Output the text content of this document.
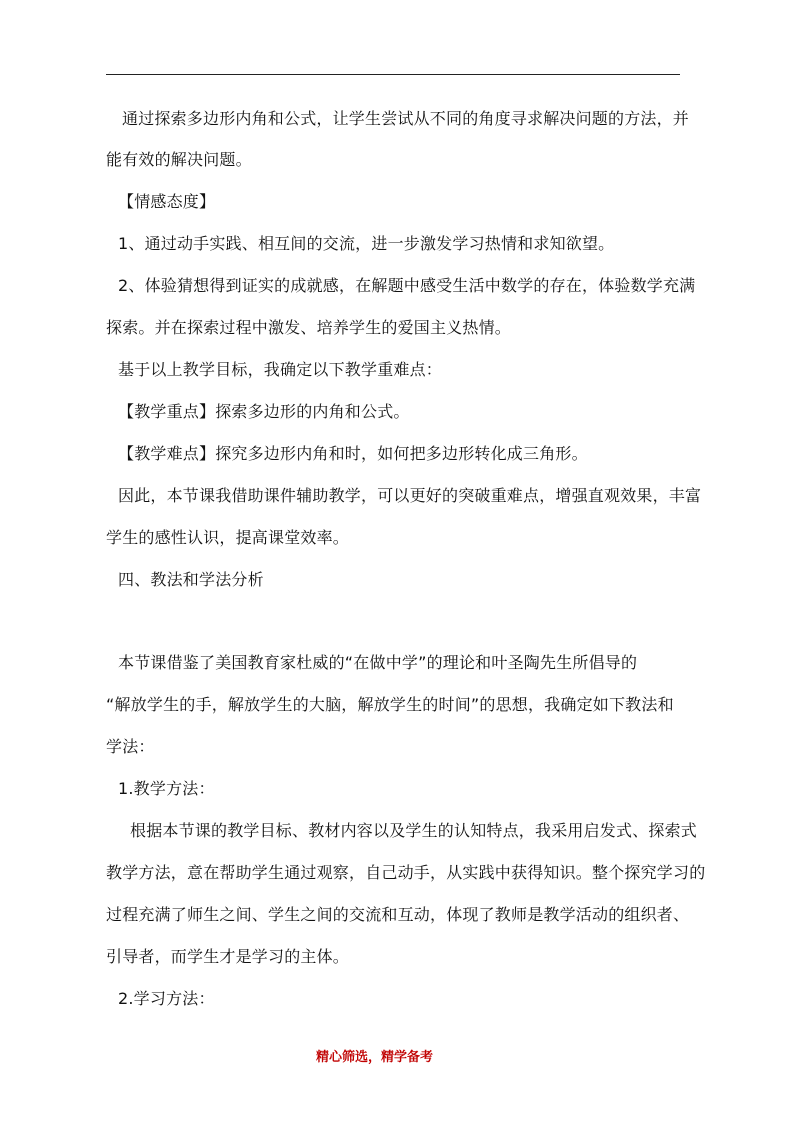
通过探索多边形内角和公式，让学生尝试从不同的角度寻求解决问题的方法，并
能有效的解决问题。
【情感态度】
1、通过动手实践、相互间的交流，进一步激发学习热情和求知欲望。
2、体验猜想得到证实的成就感，在解题中感受生活中数学的存在，体验数学充满
探索。并在探索过程中激发、培养学生的爱国主义热情。
基于以上教学目标，我确定以下教学重难点：
【教学重点】探索多边形的内角和公式。
【教学难点】探究多边形内角和时，如何把多边形转化成三角形。
因此，本节课我借助课件辅助教学，可以更好的突破重难点，增强直观效果，丰富
学生的感性认识，提高课堂效率。
四、教法和学法分析
本节课借鉴了美国教育家杜威的“在做中学”的理论和叶圣陶先生所倡导的
“解放学生的手，解放学生的大脑，解放学生的时间”的思想，我确定如下教法和
学法：
1.教学方法：
根据本节课的教学目标、教材内容以及学生的认知特点，我采用启发式、探索式
教学方法，意在帮助学生通过观察，自己动手，从实践中获得知识。整个探究学习的
过程充满了师生之间、学生之间的交流和互动，体现了教师是教学活动的组织者、
引导者，而学生才是学习的主体。
2.学习方法：
精心筛选，精学备考
